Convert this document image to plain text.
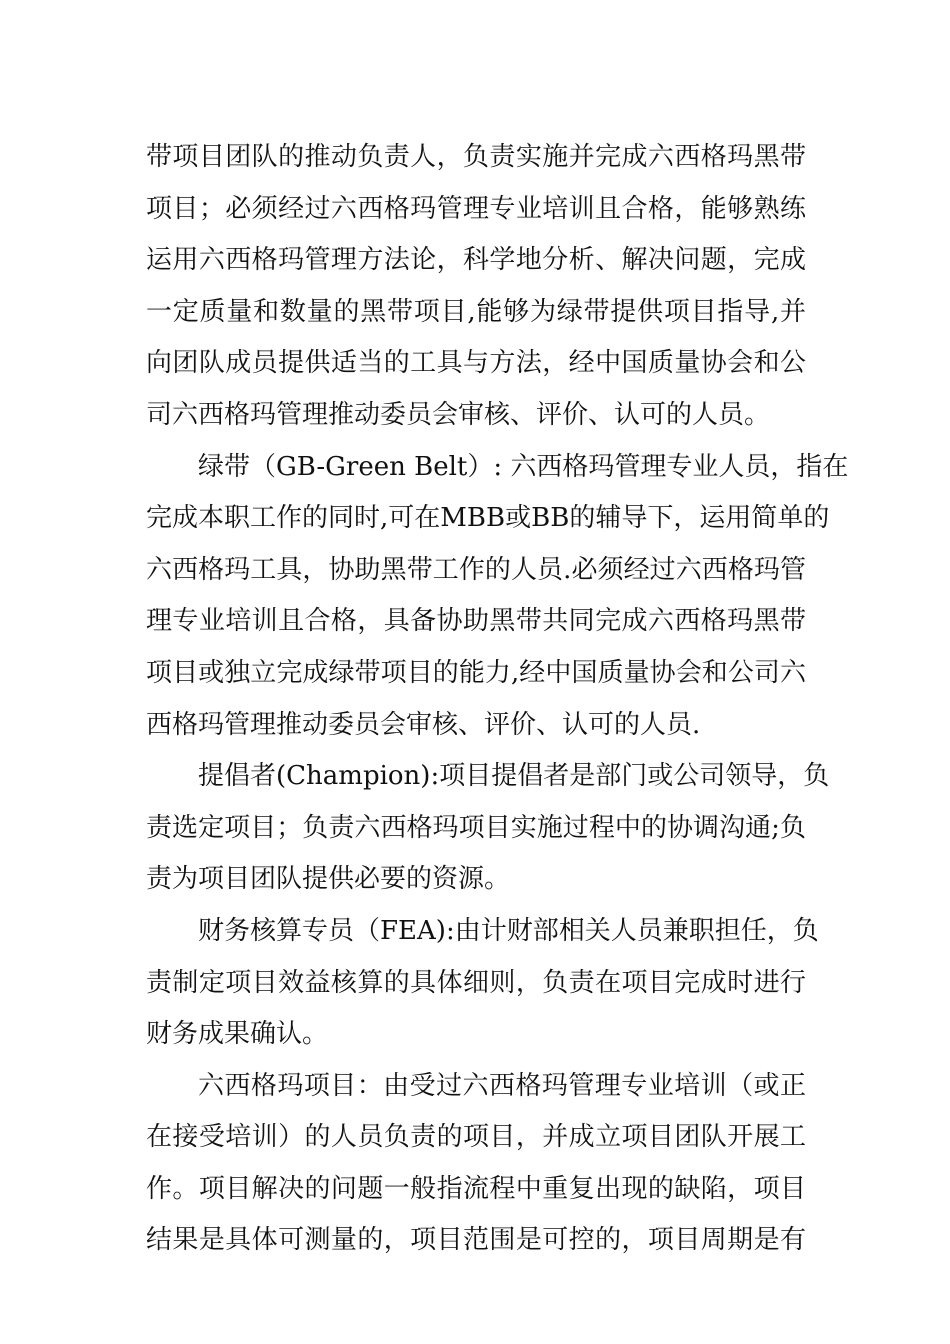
带项目团队的推动负责人，负责实施并完成六西格玛黑带
项目；必须经过六西格玛管理专业培训且合格，能够熟练
运用六西格玛管理方法论，科学地分析、解决问题，完成
一定质量和数量的黑带项目,能够为绿带提供项目指导,并
向团队成员提供适当的工具与方法，经中国质量协会和公
司六西格玛管理推动委员会审核、评价、认可的人员。
绿带（GB-Green Belt）: 六西格玛管理专业人员，指在
完成本职工作的同时,可在MBB或BB的辅导下，运用简单的
六西格玛工具，协助黑带工作的人员.必须经过六西格玛管
理专业培训且合格，具备协助黑带共同完成六西格玛黑带
项目或独立完成绿带项目的能力,经中国质量协会和公司六
西格玛管理推动委员会审核、评价、认可的人员.
提倡者(Champion):项目提倡者是部门或公司领导，负
责选定项目；负责六西格玛项目实施过程中的协调沟通;负
责为项目团队提供必要的资源。
财务核算专员（FEA):由计财部相关人员兼职担任，负
责制定项目效益核算的具体细则，负责在项目完成时进行
财务成果确认。
六西格玛项目：由受过六西格玛管理专业培训（或正
在接受培训）的人员负责的项目，并成立项目团队开展工
作。项目解决的问题一般指流程中重复出现的缺陷，项目
结果是具体可测量的，项目范围是可控的，项目周期是有
